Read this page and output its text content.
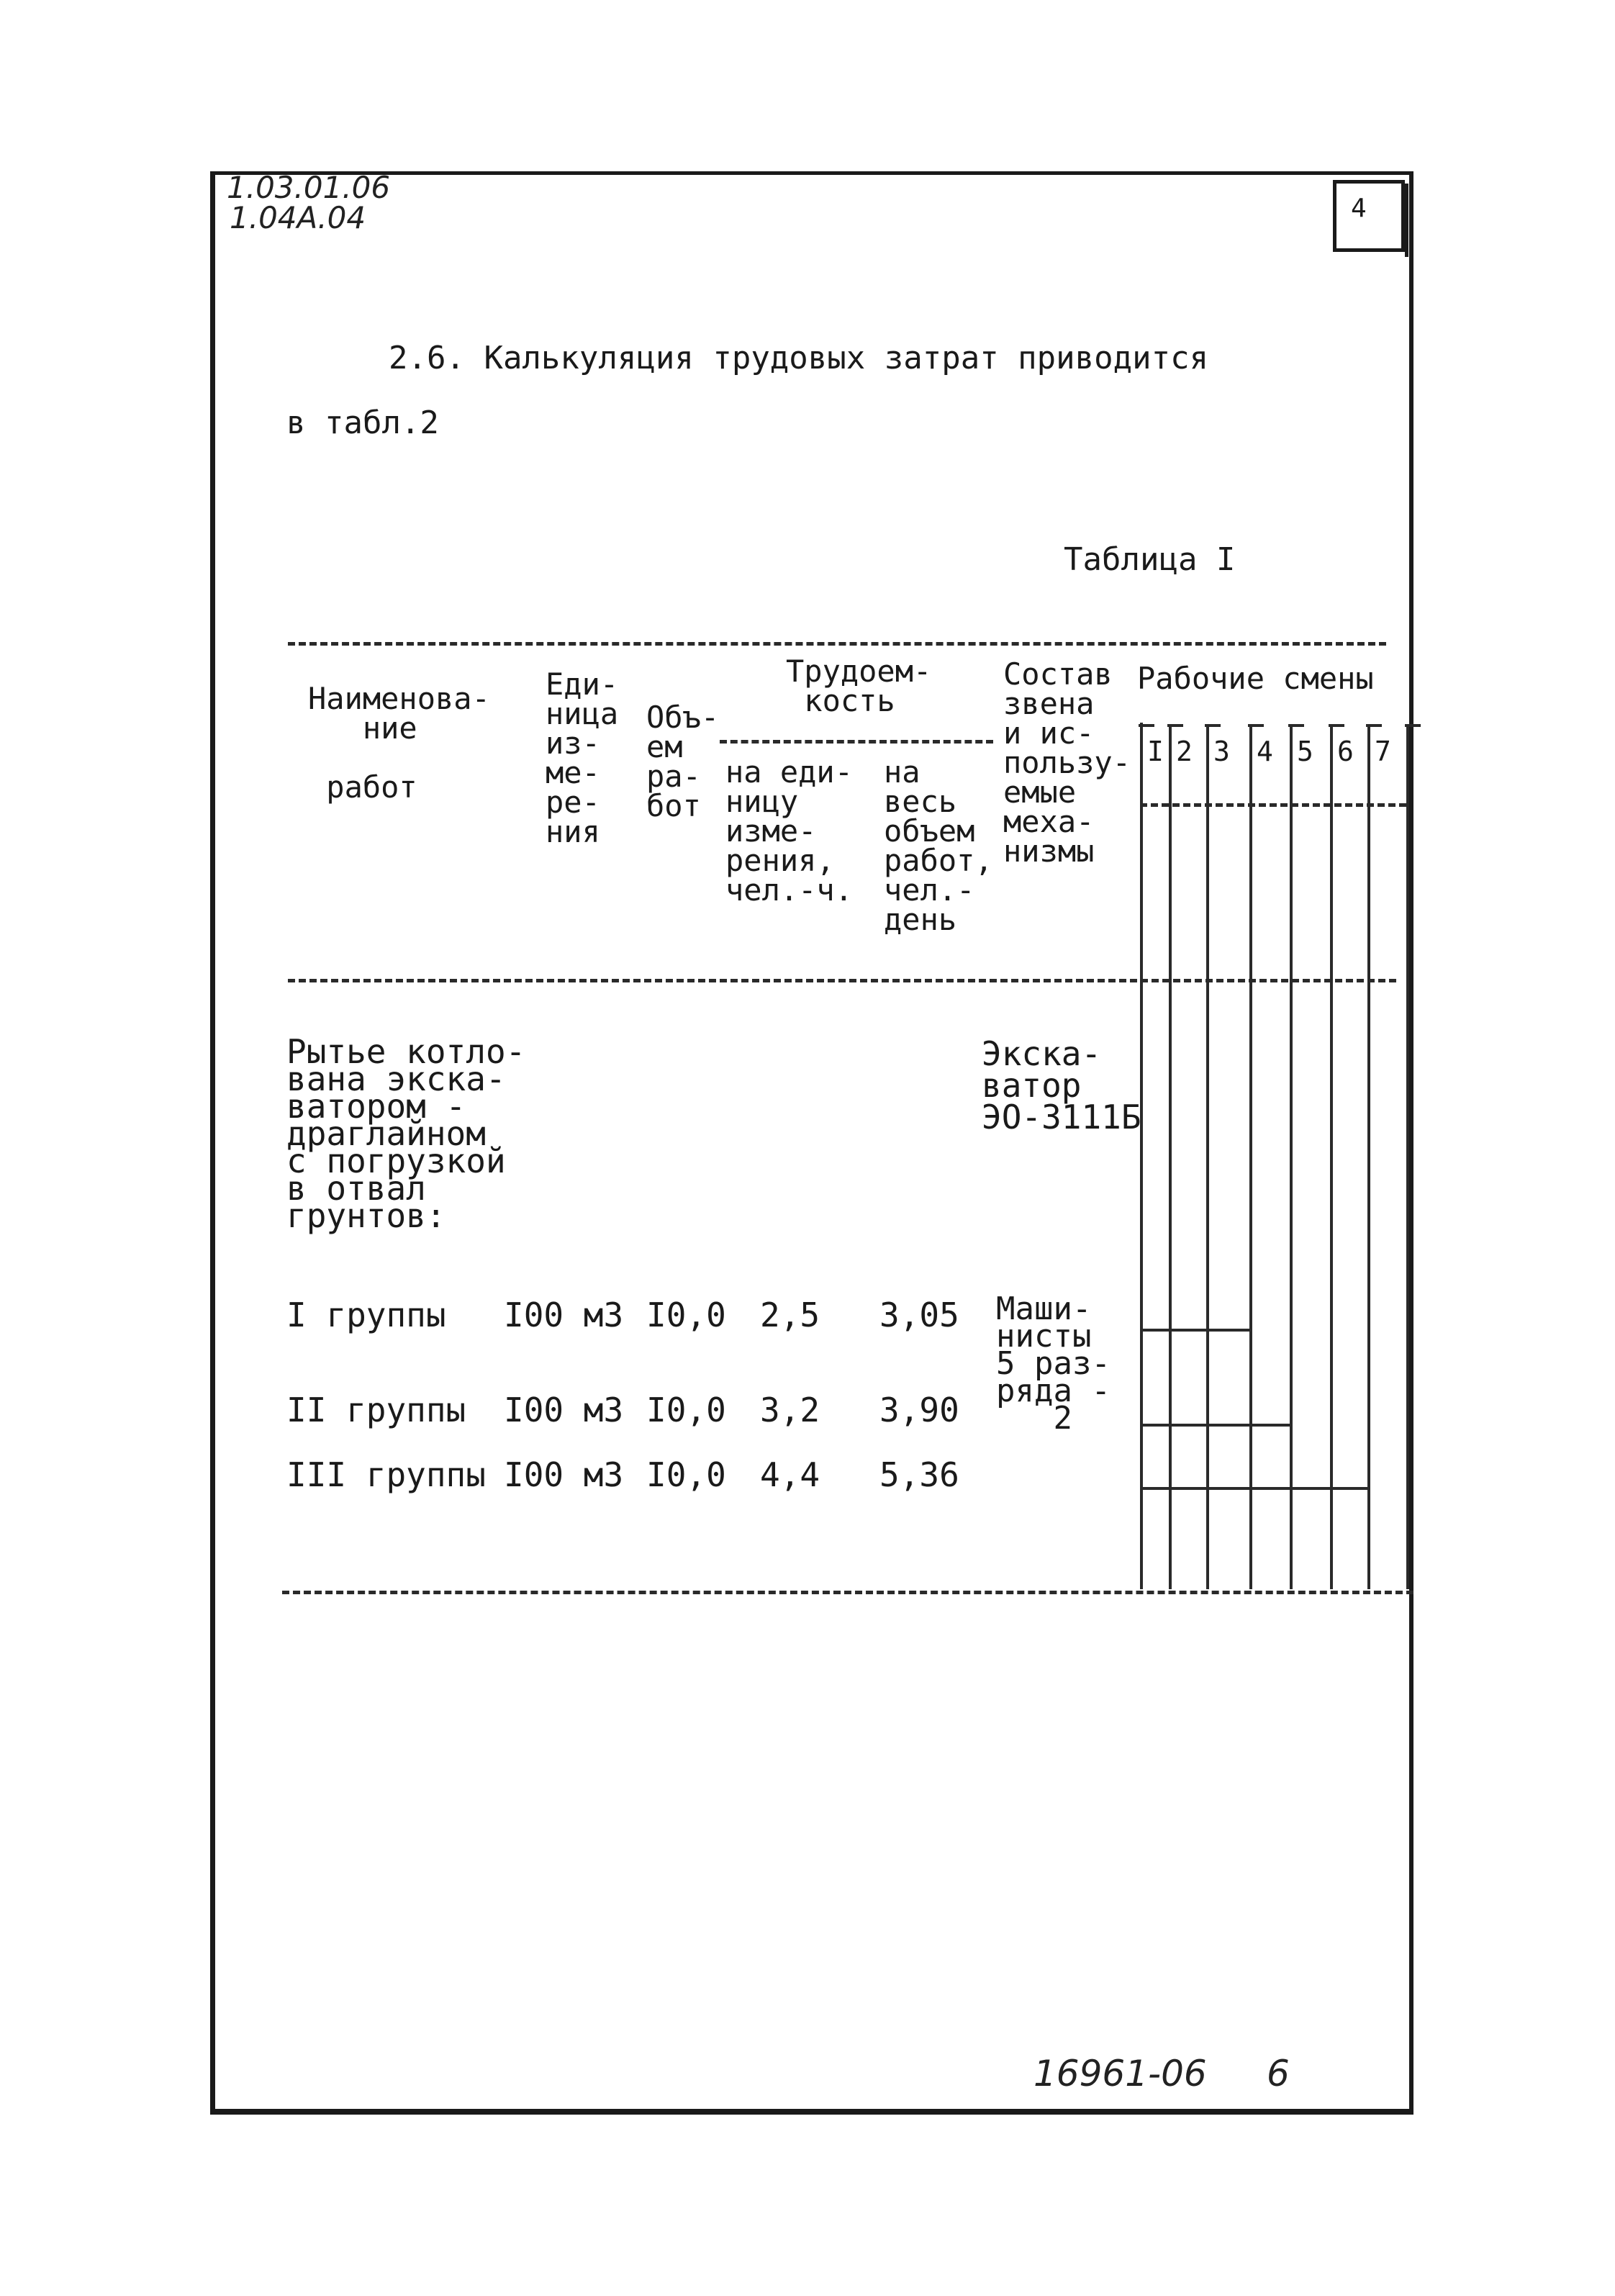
1.03.01.06
1.04А.04	4
2.6. Калькуляция трудовых затрат приводится
в табл.2
Таблица I
Наименова-
ние

работ
Еди-
ница
из-
ме-
ре-
ния
Объ-
ем
ра-
бот
Трудоем-
кость
на еди-
ницу
изме-
рения,
чел.-ч.
на
весь
объем
работ,
чел.-
день
Состав
звена
и ис-
пользу-
емые
меха-
низмы
Рабочие смены
I 2 3 4 5 6 7
Рытье котло-
вана экска-
ватором -
драглайном
с погрузкой
в отвал
грунтов:
Экска-
ватор
ЭО-3111Б
Маши-
нисты
5 раз-
ряда -
2
I группы I00 м3 I0,0 2,5 3,05
II группы I00 м3 I0,0 3,2 3,90
III группы I00 м3 I0,0 4,4 5,36
16961-06 6
